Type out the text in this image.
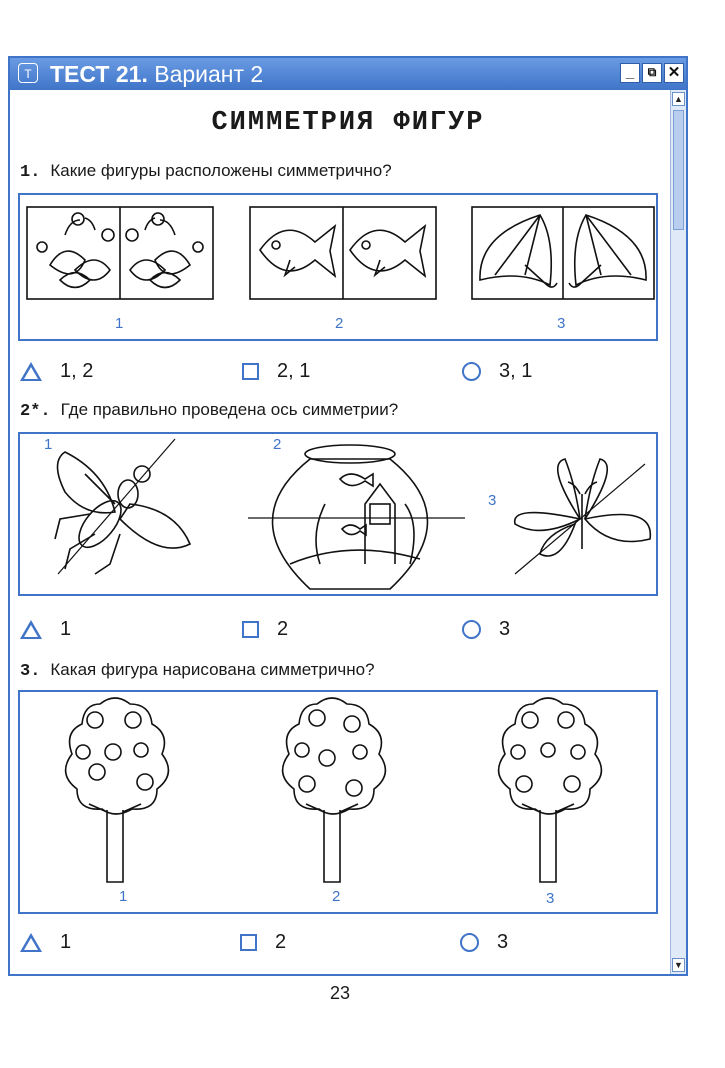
Т ТЕСТ 21. Вариант 2	_	⧉ ✕
▲
▼
СИММЕТРИЯ ФИГУР
1. Какие фигуры расположены симметрично?
1	2	3
1, 2	2, 1	3, 1
2*. Где правильно проведена ось симметрии?
1	2
3
1	2	3
3. Какая фигура нарисована симметрично?
1	2	3
1	2	3
23
